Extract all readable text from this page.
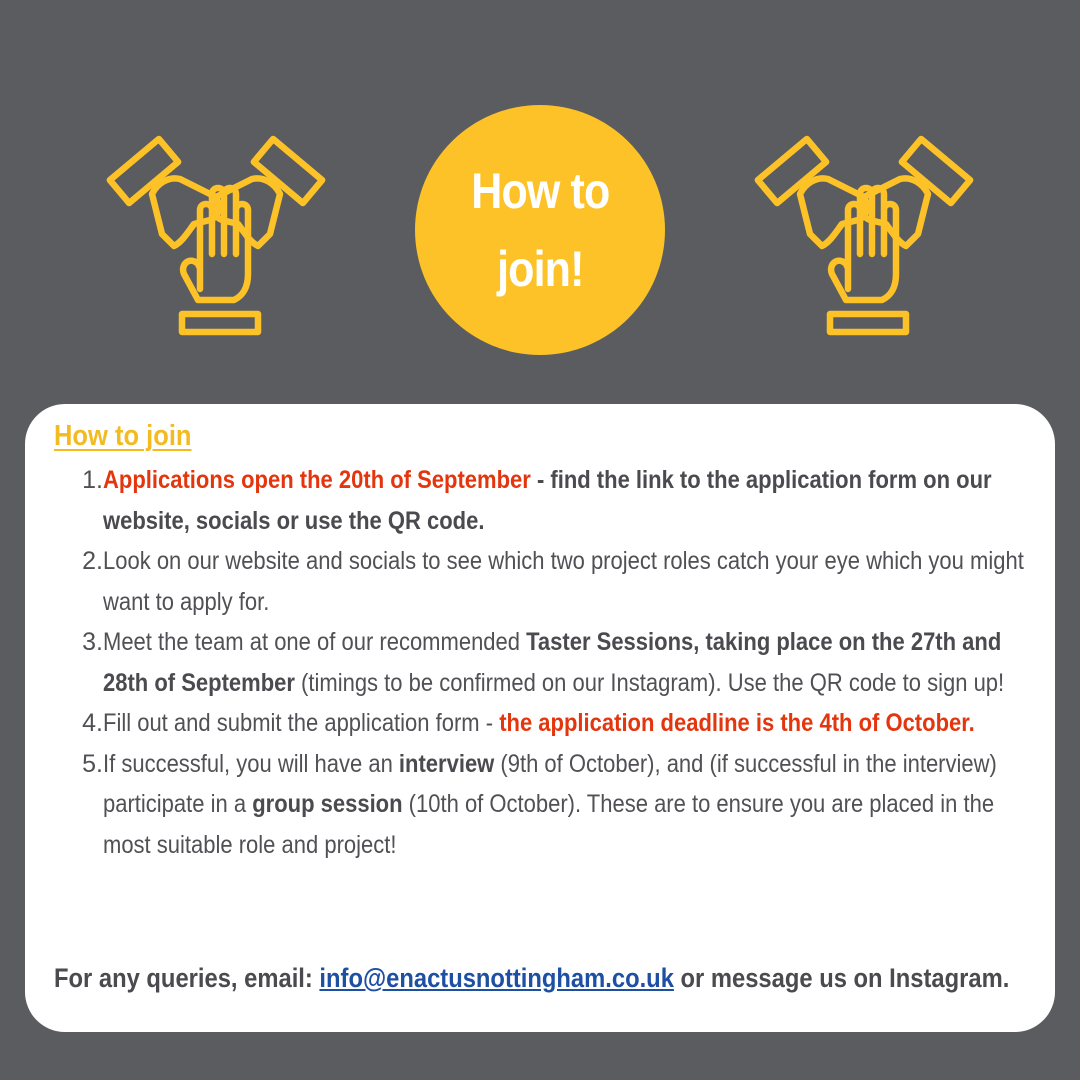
How to
join!
How to join
1. Applications open the 20th of September - find the link to the application form on our website, socials or use the QR code.
2. Look on our website and socials to see which two project roles catch your eye which you might want to apply for.
3. Meet the team at one of our recommended Taster Sessions, taking place on the 27th and 28th of September (timings to be confirmed on our Instagram). Use the QR code to sign up!
4. Fill out and submit the application form - the application deadline is the 4th of October.
5. If successful, you will have an interview (9th of October), and (if successful in the interview) participate in a group session (10th of October). These are to ensure you are placed in the most suitable role and project!
For any queries, email: info@enactusnottingham.co.uk or message us on Instagram.
